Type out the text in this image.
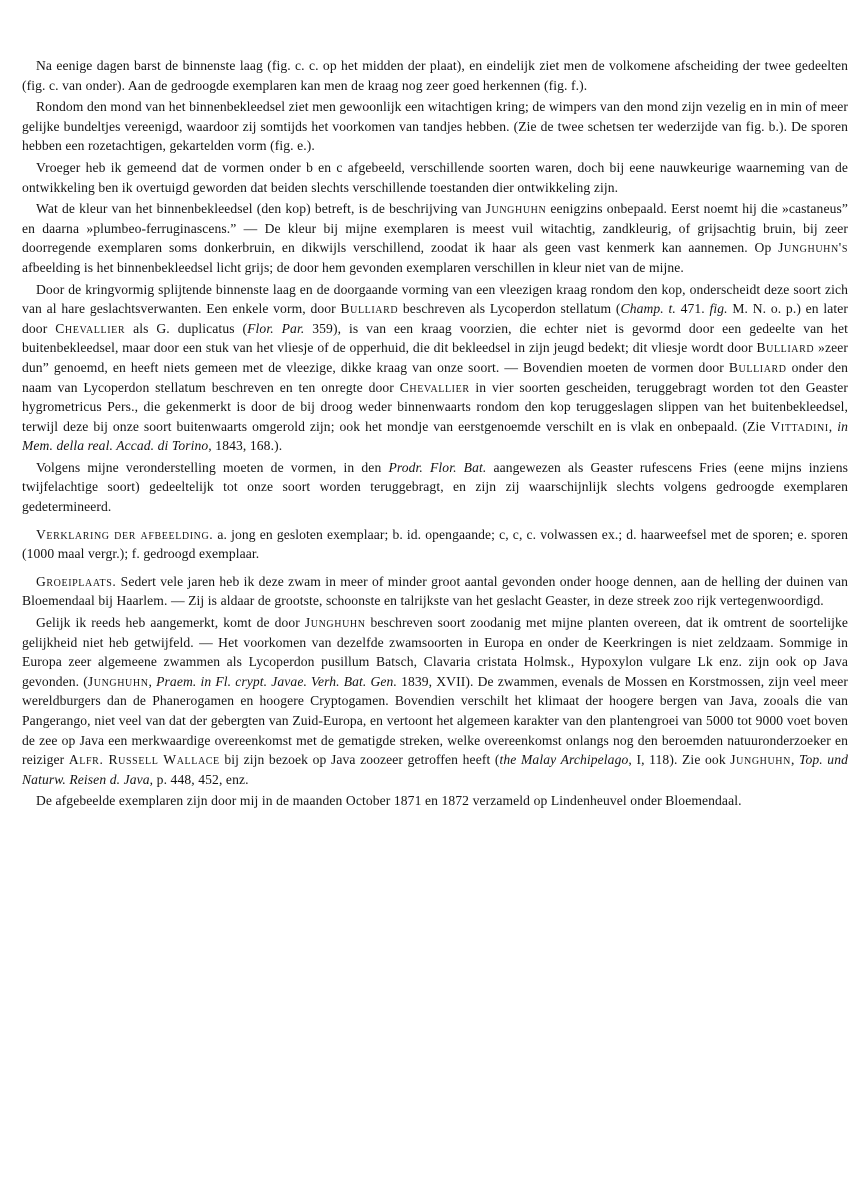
Na eenige dagen barst de binnenste laag (fig. c. c. op het midden der plaat), en eindelijk ziet men de volkomene afscheiding der twee gedeelten (fig. c. van onder). Aan de gedroogde exemplaren kan men de kraag nog zeer goed herkennen (fig. f.).

Rondom den mond van het binnenbekleedsel ziet men gewoonlijk een witachtigen kring; de wimpers van den mond zijn vezelig en in min of meer gelijke bundeltjes vereenigd, waardoor zij somtijds het voorkomen van tandjes hebben. (Zie de twee schetsen ter wederzijde van fig. b.). De sporen hebben een rozetachtigen, gekartelden vorm (fig. e.).

Vroeger heb ik gemeend dat de vormen onder b en c afgebeeld, verschillende soorten waren, doch bij eene nauwkeurige waarneming van de ontwikkeling ben ik overtuigd geworden dat beiden slechts verschillende toestanden dier ontwikkeling zijn.

Wat de kleur van het binnenbekleedsel (den kop) betreft, is de beschrijving van Junghuhn eenigzins onbepaald. Eerst noemt hij die »castaneus” en daarna »plumbeo-ferruginascens.” — De kleur bij mijne exemplaren is meest vuil witachtig, zandkleurig, of grijsachtig bruin, bij zeer doorregende exemplaren soms donkerbruin, en dikwijls verschillend, zoodat ik haar als geen vast kenmerk kan aannemen. Op Junghuhn's afbeelding is het binnenbekleedsel licht grijs; de door hem gevonden exemplaren verschillen in kleur niet van de mijne.

Door de kringvormig splijtende binnenste laag en de doorgaande vorming van een vleezigen kraag rondom den kop, onderscheidt deze soort zich van al hare geslachtsverwanten. Een enkele vorm, door Bulliard beschreven als Lycoperdon stellatum (Champ. t. 471. fig. M. N. o. p.) en later door Chevallier als G. duplicatus (Flor. Par. 359), is van een kraag voorzien, die echter niet is gevormd door een gedeelte van het buitenbekleedsel, maar door een stuk van het vliesje of de opperhuid, die dit bekleedsel in zijn jeugd bedekt; dit vliesje wordt door Bulliard »zeer dun” genoemd, en heeft niets gemeen met de vleezige, dikke kraag van onze soort. — Bovendien moeten de vormen door Bulliard onder den naam van Lycoperdon stellatum beschreven en ten onregte door Chevallier in vier soorten gescheiden, teruggebragt worden tot den Geaster hygrometricus Pers., die gekenmerkt is door de bij droog weder binnenwaarts rondom den kop teruggeslagen slippen van het buitenbekleedsel, terwijl deze bij onze soort buitenwaarts omgerold zijn; ook het mondje van eerstgenoemde verschilt en is vlak en onbepaald. (Zie Vittadini, in Mem. della real. Accad. di Torino, 1843, 168.).

Volgens mijne veronderstelling moeten de vormen, in den Prodr. Flor. Bat. aangewezen als Geaster rufescens Fries (eene mijns inziens twijfelachtige soort) gedeeltelijk tot onze soort worden teruggebragt, en zijn zij waarschijnlijk slechts volgens gedroogde exemplaren gedetermineerd.

Verklaring der afbeelding. a. jong en gesloten exemplaar; b. id. opengaande; c, c, c. volwassen ex.; d. haarweefsel met de sporen; e. sporen (1000 maal vergr.); f. gedroogd exemplaar.

Groeiplaats. Sedert vele jaren heb ik deze zwam in meer of minder groot aantal gevonden onder hooge dennen, aan de helling der duinen van Bloemendaal bij Haarlem. — Zij is aldaar de grootste, schoonste en talrijkste van het geslacht Geaster, in deze streek zoo rijk vertegenwoordigd.

Gelijk ik reeds heb aangemerkt, komt de door Junghuhn beschreven soort zoodanig met mijne planten overeen, dat ik omtrent de soortelijke gelijkheid niet heb getwijfeld. — Het voorkomen van dezelfde zwamsoorten in Europa en onder de Keerkringen is niet zeldzaam. Sommige in Europa zeer algemeene zwammen als Lycoperdon pusillum Batsch, Clavaria cristata Holmsk., Hypoxylon vulgare Lk enz. zijn ook op Java gevonden. (Junghuhn, Praem. in Fl. crypt. Javae. Verh. Bat. Gen. 1839, XVII). De zwammen, evenals de Mossen en Korstmossen, zijn veel meer wereldburgers dan de Phanerogamen en hoogere Cryptogamen. Bovendien verschilt het klimaat der hoogere bergen van Java, zooals die van Pangerango, niet veel van dat der gebergten van Zuid-Europa, en vertoont het algemeen karakter van den plantengroei van 5000 tot 9000 voet boven de zee op Java een merkwaardige overeenkomst met de gematigde streken, welke overeenkomst onlangs nog den beroemden natuuronderzoeker en reiziger Alfr. Russell Wallace bij zijn bezoek op Java zoozeer getroffen heeft (the Malay Archipelago, I, 118). Zie ook Junghuhn, Top. und Naturw. Reisen d. Java, p. 448, 452, enz.

De afgebeelde exemplaren zijn door mij in de maanden October 1871 en 1872 verzameld op Lindenheuvel onder Bloemendaal.
